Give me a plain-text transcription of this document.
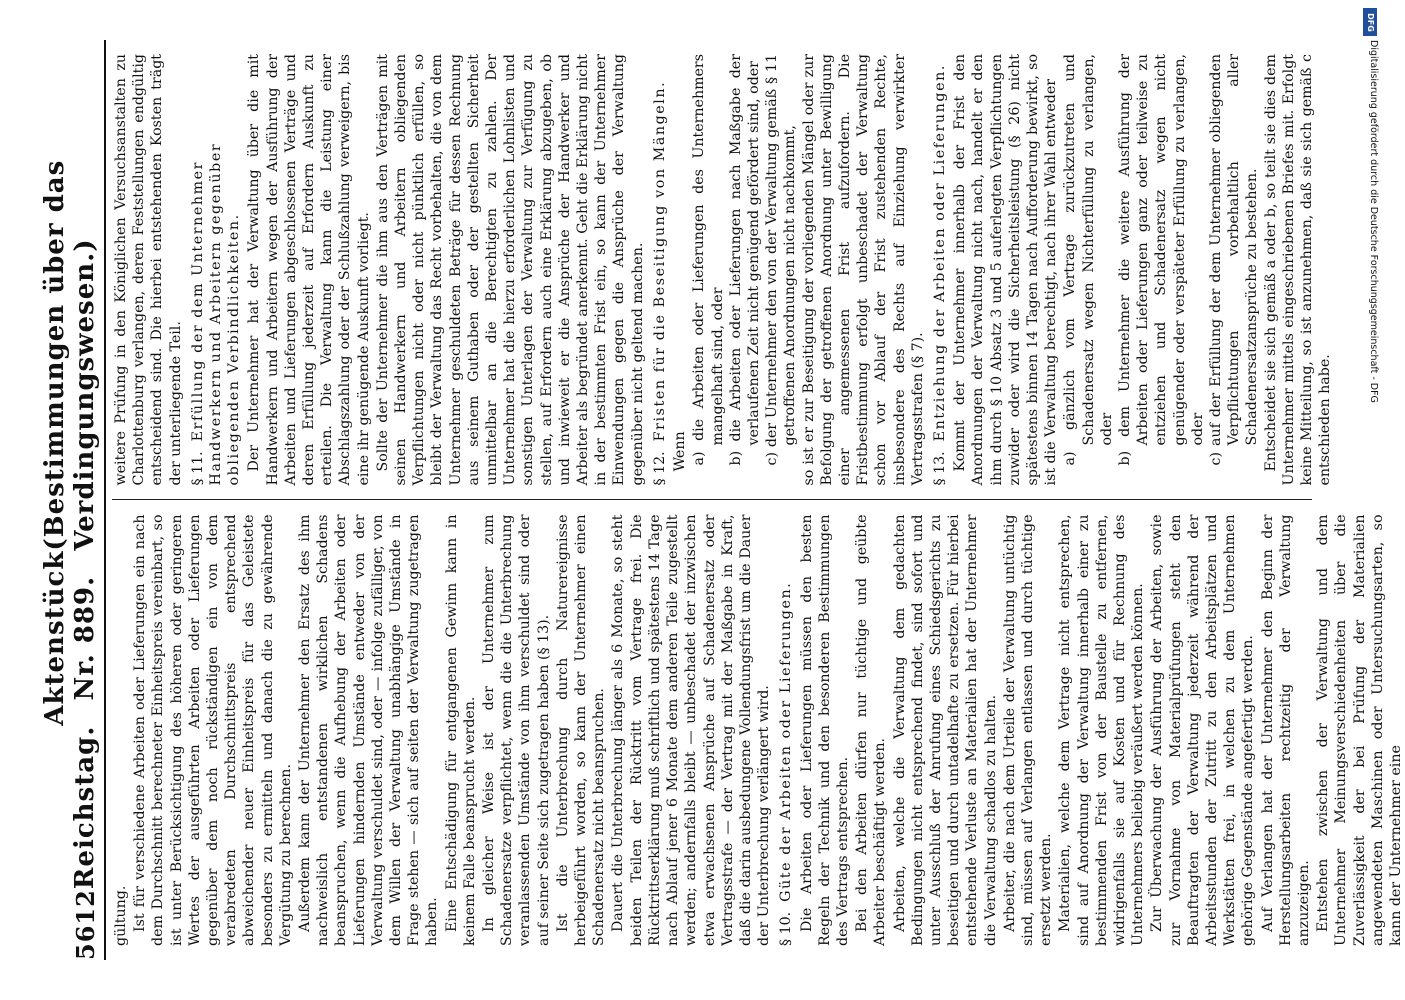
5612
Reichstag.
Aktenstück Nr. 889.
(Bestimmungen über das Verdingungswesen.)

gültung. Ist für verschiedene Arbeiten oder Lieferungen ein nach dem Durchschnitt berechneter Einheitspreis vereinbart, so ist unter Berücksichtigung des höheren oder geringeren Wertes der ausgeführten Arbeiten oder Lieferungen gegenüber dem noch rückständigen ein von dem verabredeten Durchschnittspreis entsprechend abweichender neuer Einheitspreis für das Geleistete besonders zu ermitteln und danach die zu gewährende Vergütung zu berechnen. Außerdem kann der Unternehmer den Ersatz des ihm nachweislich entstandenen wirklichen Schadens beanspruchen, wenn die Aufhebung der Arbeiten oder Lieferungen hindernden Umstände entweder von der Verwaltung verschuldet sind, oder — infolge zufälliger, von dem Willen der Verwaltung unabhängige Umstände in Frage stehen — sich auf seiten der Verwaltung zugetragen haben. Eine Entschädigung für entgangenen Gewinn kann in keinem Falle beansprucht werden. In gleicher Weise ist der Unternehmer zum Schadenersatze verpflichtet, wenn die die Unterbrechung veranlassenden Umstände von ihm verschuldet sind oder auf seiner Seite sich zugetragen haben (§ 13). Ist die Unterbrechung durch Naturereignisse herbeigeführt worden, so kann der Unternehmer einen Schadenersatz nicht beanspruchen. Dauert die Unterbrechung länger als 6 Monate, so steht beiden Teilen der Rücktritt vom Vertrage frei. Die Rücktrittserklärung muß schriftlich und spätestens 14 Tage nach Ablauf jener 6 Monate dem anderen Teile zugestellt werden; andernfalls bleibt — unbeschadet der inzwischen etwa erwachsenen Ansprüche auf Schadenersatz oder Vertragsstrafe — der Vertrag mit der Maßgabe in Kraft, daß die darin ausbedungene Vollendungsfrist um die Dauer der Unterbrechung verlängert wird. § 10.Güte der Arbeiten oder Lieferungen. Die Arbeiten oder Lieferungen müssen den besten Regeln der Technik und den besonderen Bestimmungen des Vertrags entsprechen. Bei den Arbeiten dürfen nur tüchtige und geübte Arbeiter beschäftigt werden. Arbeiten, welche die Verwaltung dem gedachten Bedingungen nicht entsprechend findet, sind sofort und unter Ausschluß der Anrufung eines Schiedsgerichts zu beseitigen und durch untadelhafte zu ersetzen. Für hierbei entstehende Verluste an Materialien hat der Unternehmer die Verwaltung schadlos zu halten. Arbeiter, die nach dem Urteile der Verwaltung untüchtig sind, müssen auf Verlangen entlassen und durch tüchtige ersetzt werden. Materialien, welche dem Vertrage nicht entsprechen, sind auf Anordnung der Verwaltung innerhalb einer zu bestimmenden Frist von der Baustelle zu entfernen, widrigenfalls sie auf Kosten und für Rechnung des Unternehmers beliebig veräußert werden können. Zur Überwachung der Ausführung der Arbeiten, sowie zur Vornahme von Materialprüfungen steht den Beauftragten der Verwaltung jederzeit während der Arbeitsstunden der Zutritt zu den Arbeitsplätzen und Werkstätten frei, in welchen zu dem Unternehmen gehörige Gegenstände angefertigt werden. Auf Verlangen hat der Unternehmer den Beginn der Herstellungsarbeiten rechtzeitig der Verwaltung anzuzeigen. Entstehen zwischen der Verwaltung und dem Unternehmer Meinungsverschiedenheiten über die Zuverlässigkeit der bei Prüfung der Materialien angewendeten Maschinen oder Untersuchungsarten, so kann der Unternehmer eine

weitere Prüfung in den Königlichen Versuchsanstalten zu Charlottenburg verlangen, deren Feststellungen endgültig entscheidend sind. Die hierbei entstehenden Kosten trägt der unterliegende Teil. § 11.Erfüllung der dem Unternehmer Handwerkern und Arbeitern gegenüber obliegenden Verbindlichkeiten. Der Unternehmer hat der Verwaltung über die mit Handwerkern und Arbeitern wegen der Ausführung der Arbeiten und Lieferungen abgeschlossenen Verträge und deren Erfüllung jederzeit auf Erfordern Auskunft zu erteilen. Die Verwaltung kann die Leistung einer Abschlagszahlung oder der Schlußzahlung verweigern, bis eine ihr genügende Auskunft vorliegt. Sollte der Unternehmer die ihm aus den Verträgen mit seinen Handwerkern und Arbeitern obliegenden Verpflichtungen nicht oder nicht pünktlich erfüllen, so bleibt der Verwaltung das Recht vorbehalten, die von dem Unternehmer geschuldeten Beträge für dessen Rechnung aus seinem Guthaben oder der gestellten Sicherheit unmittelbar an die Berechtigten zu zahlen. Der Unternehmer hat die hierzu erforderlichen Lohnlisten und sonstigen Unterlagen der Verwaltung zur Verfügung zu stellen, auf Erfordern auch eine Erklärung abzugeben, ob und inwieweit er die Ansprüche der Handwerker und Arbeiter als begründet anerkennt. Geht die Erklärung nicht in der bestimmten Frist ein, so kann der Unternehmer Einwendungen gegen die Ansprüche der Verwaltung gegenüber nicht geltend machen. § 12.Fristen für die Beseitigung von Mängeln.

Wenn a) die Arbeiten oder Lieferungen des Unternehmers mangelhaft sind, oder b) die Arbeiten oder Lieferungen nach Maßgabe der verlaufenen Zeit nicht genügend gefördert sind, oder c) der Unternehmer den von der Verwaltung gemäß § 11 getroffenen Anordnungen nicht nachkommt, so ist er zur Beseitigung der vorliegenden Mängel oder zur Befolgung der getroffenen Anordnung unter Bewilligung einer angemessenen Frist aufzufordern. Die Fristbestimmung erfolgt unbeschadet der Verwaltung schon vor Ablauf der Frist zustehenden Rechte, insbesondere des Rechts auf Einziehung verwirkter Vertragsstrafen (§ 7). § 13.Entziehung der Arbeiten oder Lieferungen. Kommt der Unternehmer innerhalb der Frist den Anordnungen der Verwaltung nicht nach, handelt er den ihm durch § 10 Absatz 3 und 5 auferlegten Verpflichtungen zuwider oder wird die Sicherheitsleistung (§ 26) nicht spätestens binnen 14 Tagen nach Aufforderung bewirkt, so ist die Verwaltung berechtigt, nach ihrer Wahl entweder a) gänzlich vom Vertrage zurückzutreten und Schadenersatz wegen Nichterfüllung zu verlangen, oder b) dem Unternehmer die weitere Ausführung der Arbeiten oder Lieferungen ganz oder teilweise zu entziehen und Schadenersatz wegen nicht genügender oder verspäteter Erfüllung zu verlangen, oder c) auf der Erfüllung der dem Unternehmer obliegenden Verpflichtungen vorbehaltlich aller Schadenersatzansprüche zu bestehen. Entscheidet sie sich gemäß a oder b, so teilt sie dies dem Unternehmer mittels eingeschriebenen Briefes mit. Erfolgt keine Mitteilung, so ist anzunehmen, daß sie sich gemäß c entschieden habe.

DFG
Digitalisierung gefördert durch die Deutsche Forschungsgemeinschaft - DFG
